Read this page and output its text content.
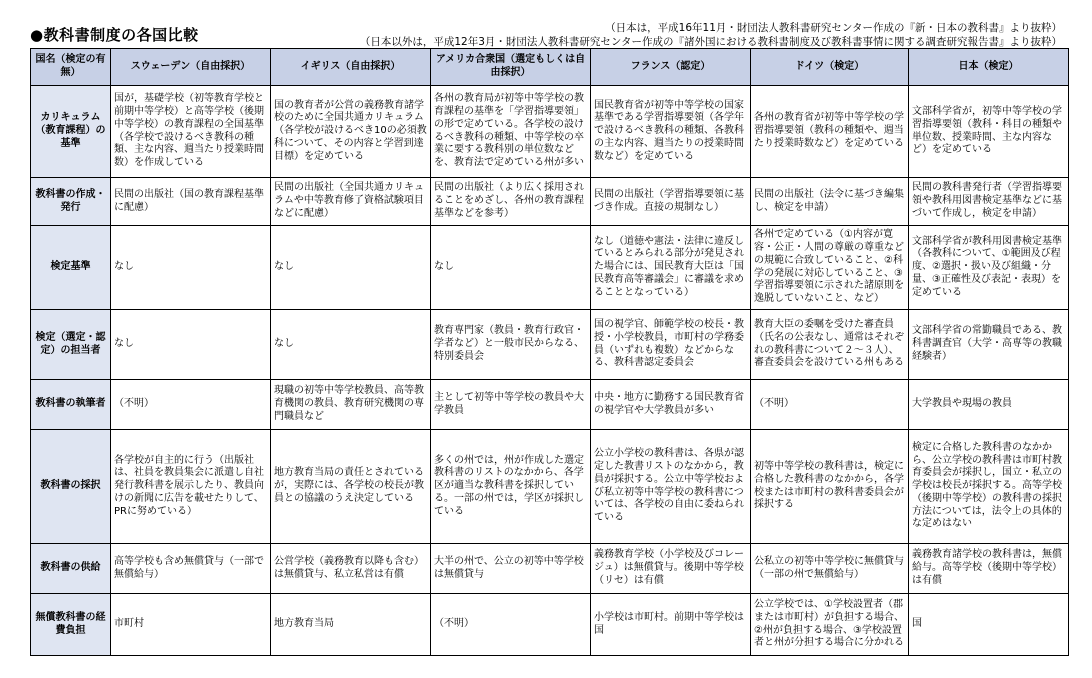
●教科書制度の各国比較	（日本は，平成16年11月・財団法人教科書研究センター作成の『新・日本の教科書』より抜粋）
（日本以外は，平成12年3月・財団法人教科書研究センター作成の『諸外国における教科書制度及び教科書事情に関する調査研究報告書』より抜粋）
国名（検定の有無）	スウェーデン（自由採択）	イギリス（自由採択）	アメリカ合衆国（選定もしくは自由採択）	フランス（認定）	ドイツ（検定）	日本（検定）
カリキュラム（教育課程）の基準	国が，基礎学校（初等教育学校と前期中等学校）と高等学校（後期中等学校）の教育課程の全国基準（各学校で設けるべき教科の種類、主な内容、週当たり授業時間数）を作成している	国の教育者が公営の義務教育諸学校のために全国共通カリキュラム（各学校が設けるべき10の必須教科について、その内容と学習到達目標）を定めている	各州の教育局が初等中等学校の教育課程の基準を「学習指導要領」の形で定めている。各学校の設けるべき教科の種類、中等学校の卒業に要する教科別の単位数などを、教育法で定めている州が多い	国民教育省が初等中等学校の国家基準である学習指導要領（各学年で設けるべき教科の種類、各教科の主な内容、週当たりの授業時間数など）を定めている	各州の教育省が初等中等学校の学習指導要領（教科の種類や、週当たり授業時数など）を定めている	文部科学省が，初等中等学校の学習指導要領（教科・科目の種類や単位数、授業時間、主な内容など）を定めている
教科書の作成・発行	民間の出版社（国の教育課程基準に配慮）	民間の出版社（全国共通カリキュラムや中等教育修了資格試験項目などに配慮）	民間の出版社（より広く採用されることをめざし、各州の教育課程基準などを参考）	民間の出版社（学習指導要領に基づき作成。直接の規制なし）	民間の出版社（法令に基づき編集し、検定を申請）	民間の教科書発行者（学習指導要領や教科用図書検定基準などに基づいて作成し，検定を申請）
検定基準	なし	なし	なし	なし（道徳や憲法・法律に違反しているとみられる部分が発見された場合には、国民教育大臣は「国民教育高等審議会」に審議を求めることとなっている）	各州で定めている（①内容が寛容・公正・人間の尊厳の尊重などの規範に合致していること、②科学の発展に対応していること、③学習指導要領に示された諸原則を逸脱していないこと、など）	文部科学省が教科用図書検定基準（各教科について、①範囲及び程度、②選択・扱い及び組織・分量、③正確性及び表記・表現）を定めている
検定（選定・認定）の担当者	なし	なし	教育専門家（教員・教育行政官・学者など）と一般市民からなる、特別委員会	国の視学官、師範学校の校長・教授・小学校教員，市町村の学務委員（いずれも複数）などからなる、教科書認定委員会	教育大臣の委嘱を受けた審査員（氏名の公表なし、通常はそれぞれの教科書について２～３人）、審査委員会を設けている州もある	文部科学省の常勤職員である、教科書調査官（大学・高専等の教職経験者）
教科書の執筆者	（不明）	現職の初等中等学校教員、高等教育機関の教員、教育研究機関の専門職員など	主として初等中等学校の教員や大学教員	中央・地方に勤務する国民教育省の視学官や大学教員が多い	（不明）	大学教員や現場の教員
教科書の採択	各学校が自主的に行う（出版社は、社員を教員集会に派遣し自社発行教科書を展示したり、教員向けの新聞に広告を載せたりして、PRに努めている）	地方教育当局の責任とされているが，実際には、各学校の校長が教員との協議のうえ決定している	多くの州では，州が作成した選定教科書のリストのなかから、各学区が適当な教科書を採択している。一部の州では，学区が採択している	公立小学校の教科書は、各県が認定した教書リストのなかから，教員が採択する。公立中等学校および私立初等中等学校の教科書については、各学校の自由に委ねられている	初等中等学校の教科書は，検定に合格した教科書のなかから，各学校または市町村の教科書委員会が採択する	検定に合格した教科書のなかから、公立学校の教科書は市町村教育委員会が採択し，国立・私立の学校は校長が採択する。高等学校（後期中等学校）の教科書の採択方法については，法令上の具体的な定めはない
教科書の供給	高等学校も含め無償貸与（一部で無償給与）	公営学校（義務教育以降も含む）は無償貸与、私立私営は有償	大半の州で、公立の初等中等学校は無償貸与	義務教育学校（小学校及びコレージュ）は無償貸与。後期中等学校（リセ）は有償	公私立の初等中等学校に無償貸与（一部の州で無償給与）	義務教育諸学校の教科書は，無償給与。高等学校（後期中等学校）は有償
無償教科書の経費負担	市町村	地方教育当局	（不明）	小学校は市町村。前期中等学校は国	公立学校では、①学校設置者（郡または市町村）が負担する場合、②州が負担する場合、③学校設置者と州が分担する場合に分かれる	国
